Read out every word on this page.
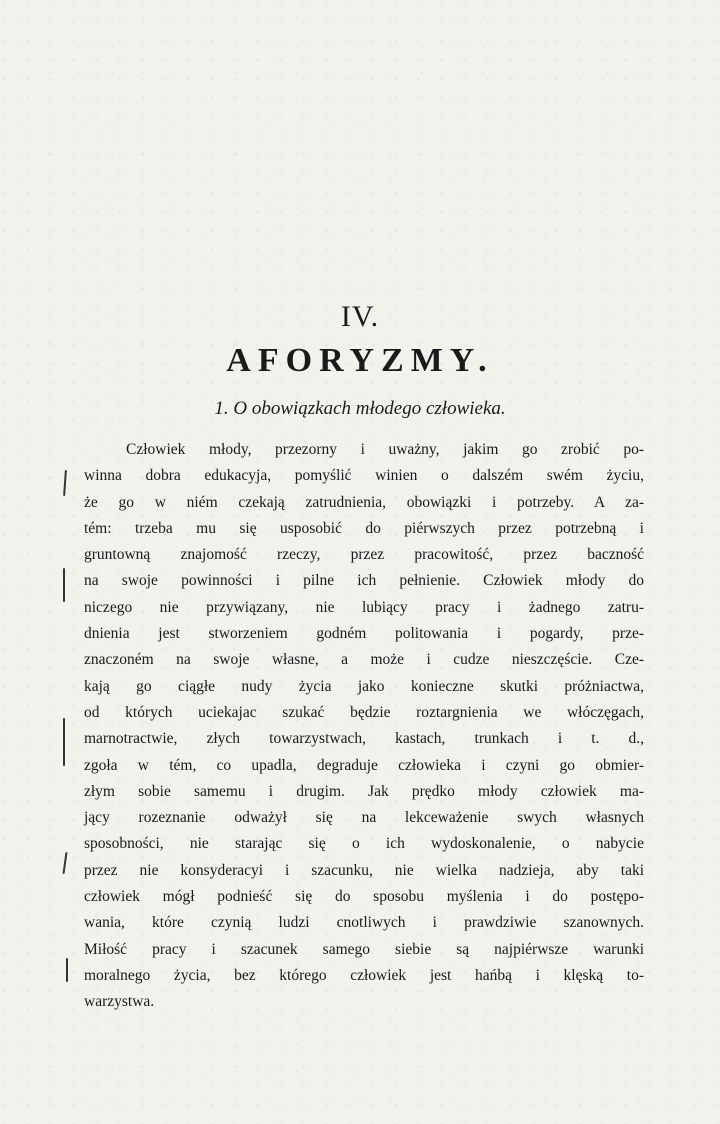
IV.
AFORYZMY.
1. O obowiązkach młodego człowieka.
Człowiek młody, przezorny i uważny, jakim go zrobić po-
winna dobra edukacyja, pomyślić winien o dalszém swém życiu,
że go w niém czekają zatrudnienia, obowiązki i potrzeby. A za-
tém: trzeba mu się usposobić do piérwszych przez potrzebną i
gruntowną znajomość rzeczy, przez pracowitość, przez baczność
na swoje powinności i pilne ich pełnienie. Człowiek młody do
niczego nie przywiązany, nie lubiący pracy i żadnego zatru-
dnienia jest stworzeniem godném politowania i pogardy, prze-
znaczoném na swoje własne, a może i cudze nieszczęście. Cze-
kają go ciągłe nudy życia jako konieczne skutki próżniactwa,
od których uciekajac szukać będzie roztargnienia we włóczęgach,
marnotractwie, złych towarzystwach, kastach, trunkach i t. d.,
zgoła w tém, co upadla, degraduje człowieka i czyni go obmier-
złym sobie samemu i drugim. Jak prędko młody człowiek ma-
jący rozeznanie odważył się na lekceważenie swych własnych
sposobności, nie starając się o ich wydoskonalenie, o nabycie
przez nie konsyderacyi i szacunku, nie wielka nadzieja, aby taki
człowiek mógł podnieść się do sposobu myślenia i do postępo-
wania, które czynią ludzi cnotliwych i prawdziwie szanownych.
Miłość pracy i szacunek samego siebie są najpiérwsze warunki
moralnego życia, bez którego człowiek jest hańbą i klęską to-
warzystwa.
